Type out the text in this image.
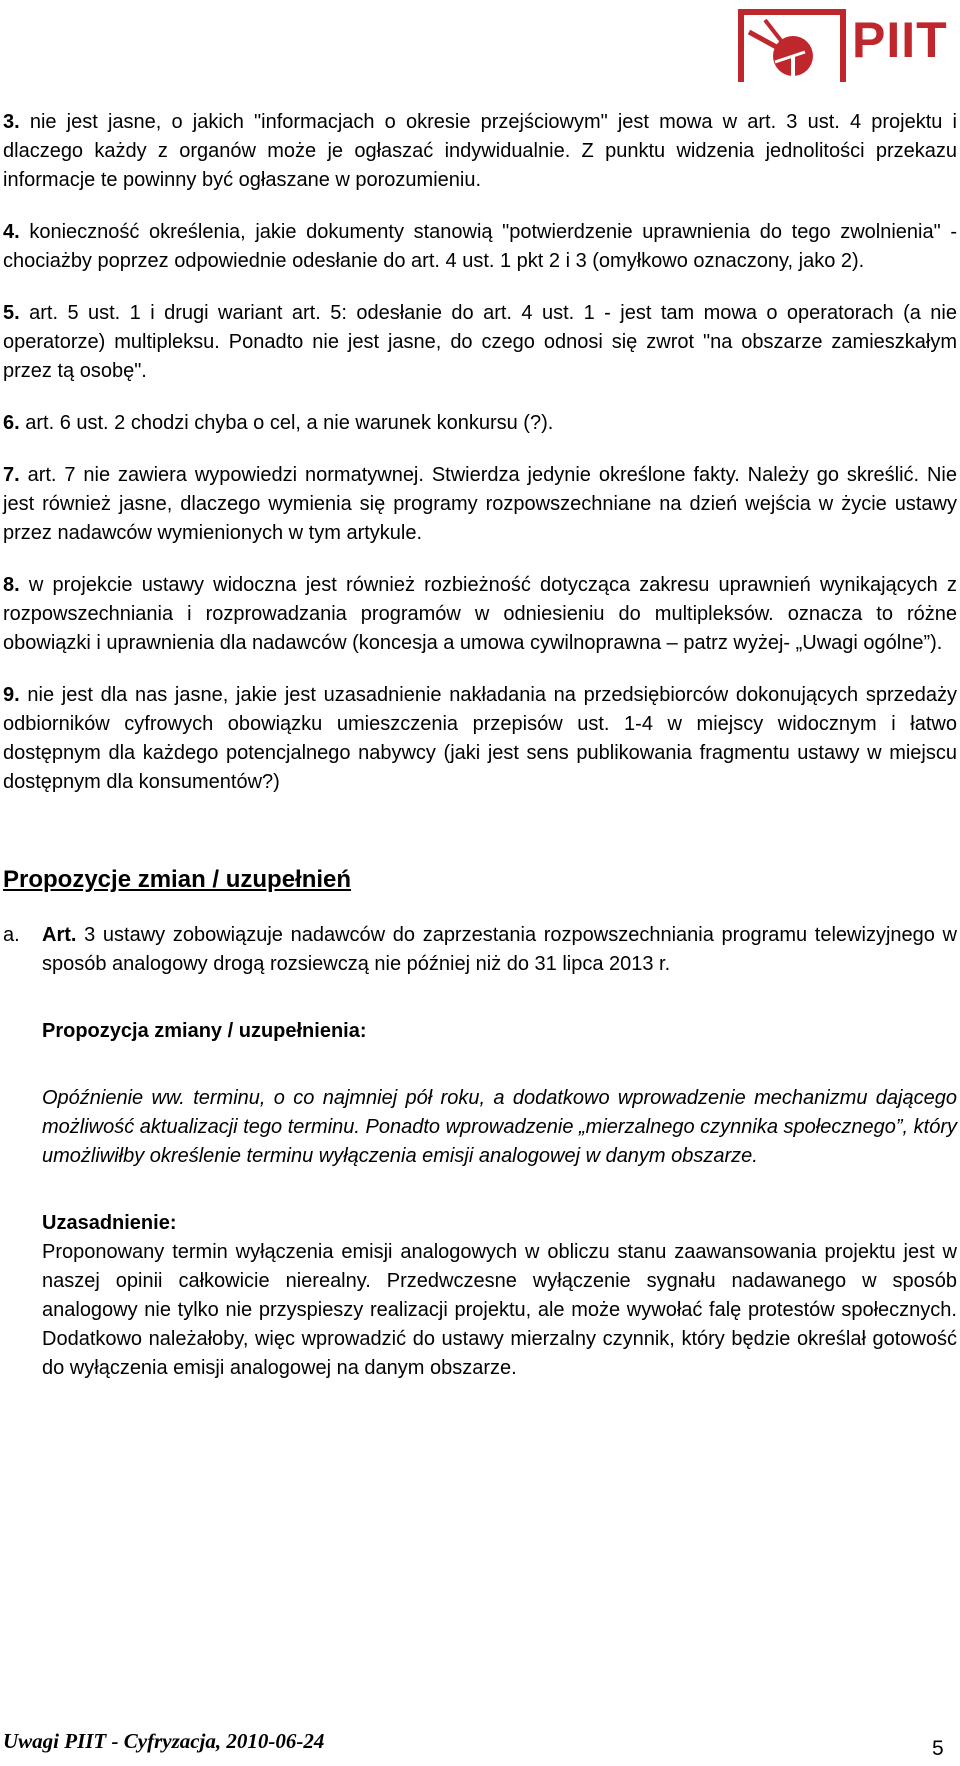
PIIT

3. nie jest jasne, o jakich "informacjach o okresie przejściowym" jest mowa w art. 3 ust. 4 projektu i dlaczego każdy z organów może je ogłaszać indywidualnie. Z punktu widzenia jednolitości przekazu informacje te powinny być ogłaszane w porozumieniu.

4. konieczność określenia, jakie dokumenty stanowią "potwierdzenie uprawnienia do tego zwolnienia" - chociażby poprzez odpowiednie odesłanie do art. 4 ust. 1 pkt 2 i 3 (omyłkowo oznaczony, jako 2).

5. art. 5 ust. 1 i drugi wariant art. 5: odesłanie do art. 4 ust. 1 - jest tam mowa o operatorach (a nie operatorze) multipleksu. Ponadto nie jest jasne, do czego odnosi się zwrot "na obszarze zamieszkałym przez tą osobę".

6. art. 6 ust. 2 chodzi chyba o cel, a nie warunek konkursu (?).

7. art. 7 nie zawiera wypowiedzi normatywnej. Stwierdza jedynie określone fakty. Należy go skreślić. Nie jest również jasne, dlaczego wymienia się programy rozpowszechniane na dzień wejścia w życie ustawy przez nadawców wymienionych w tym artykule.

8. w projekcie ustawy widoczna jest również rozbieżność dotycząca zakresu uprawnień wynikających z rozpowszechniania i rozprowadzania programów w odniesieniu do multipleksów. oznacza to różne obowiązki i uprawnienia dla nadawców (koncesja a umowa cywilnoprawna – patrz wyżej- „Uwagi ogólne”).

9. nie jest dla nas jasne, jakie jest uzasadnienie nakładania na przedsiębiorców dokonujących sprzedaży odbiorników cyfrowych obowiązku umieszczenia przepisów ust. 1-4 w miejscy widocznym i łatwo dostępnym dla każdego potencjalnego nabywcy (jaki jest sens publikowania fragmentu ustawy w miejscu dostępnym dla konsumentów?)

Propozycje zmian / uzupełnień
a. Art. 3 ustawy zobowiązuje nadawców do zaprzestania rozpowszechniania programu telewizyjnego w sposób analogowy drogą rozsiewczą nie później niż do 31 lipca 2013 r.

Propozycja zmiany / uzupełnienia:

Opóźnienie ww. terminu, o co najmniej pół roku, a dodatkowo wprowadzenie mechanizmu dającego możliwość aktualizacji tego terminu. Ponadto wprowadzenie „mierzalnego czynnika społecznego”, który umożliwiłby określenie terminu wyłączenia emisji analogowej w danym obszarze.

Uzasadnienie:

Proponowany termin wyłączenia emisji analogowych w obliczu stanu zaawansowania projektu jest w naszej opinii całkowicie nierealny. Przedwczesne wyłączenie sygnału nadawanego w sposób analogowy nie tylko nie przyspieszy realizacji projektu, ale może wywołać falę protestów społecznych. Dodatkowo należałoby, więc wprowadzić do ustawy mierzalny czynnik, który będzie określał gotowość do wyłączenia emisji analogowej na danym obszarze.

Uwagi PIIT - Cyfryzacja, 2010-06-24	5
